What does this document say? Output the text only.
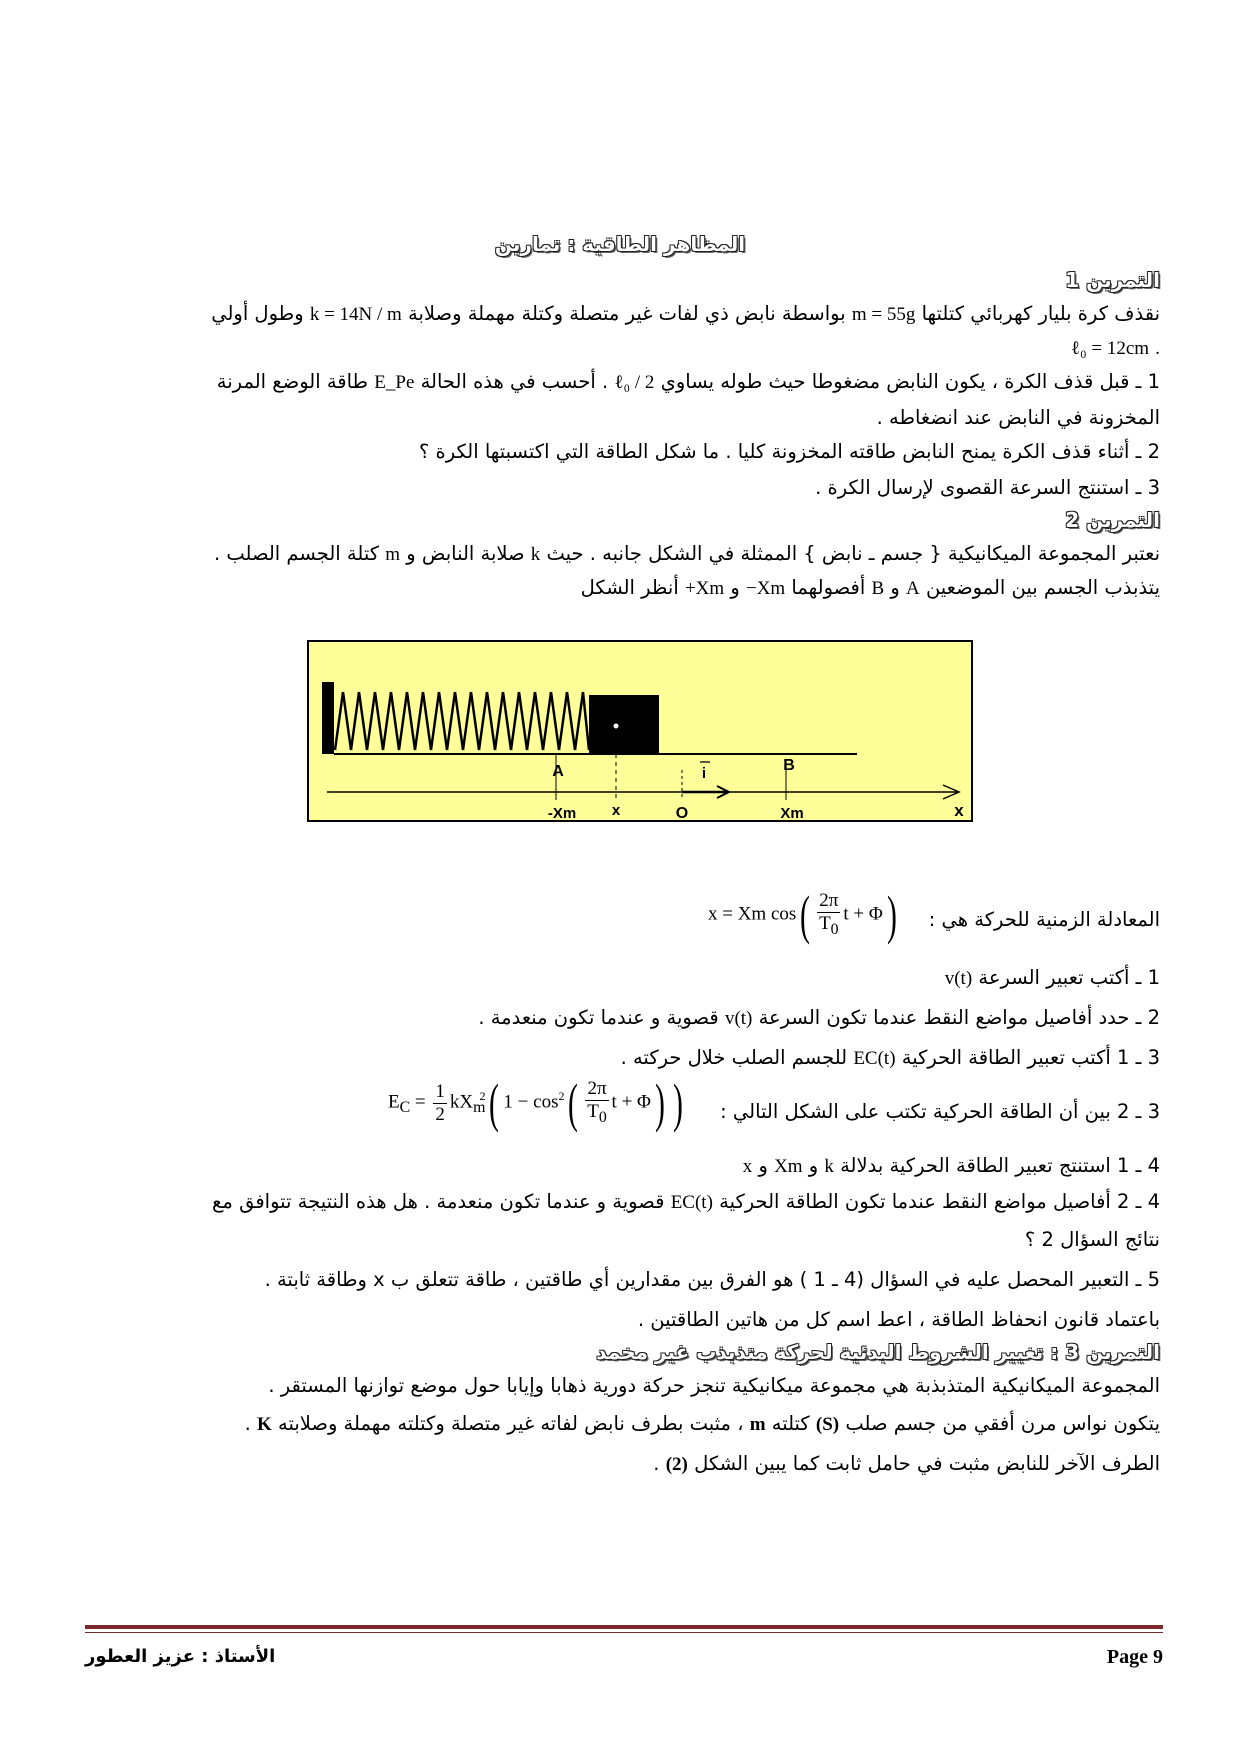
المظاهر الطاقية : تمارين
التمرين 1
نقذف كرة بليار كهربائي كتلتها m = 55g بواسطة نابض ذي لفات غير متصلة وكتلة مهملة وصلابة k = 14N / m وطول أولي
. ℓ₀ = 12cm
1 ـ قبل قذف الكرة ، يكون النابض مضغوطا حيث طوله يساوي ℓ₀ / 2 . أحسب في هذه الحالة E_Pe طاقة الوضع المرنة
المخزونة في النابض عند انضغاطه .
2 ـ أثناء قذف الكرة يمنح النابض طاقته المخزونة كليا . ما شكل الطاقة التي اكتسبتها الكرة ؟
3 ـ استنتج السرعة القصوى لإرسال الكرة .
التمرين 2
نعتبر المجموعة الميكانيكية { جسم ـ نابض } الممثلة في الشكل جانبه . حيث k صلابة النابض و m كتلة الجسم الصلب .
يتذبذب الجسم بين الموضعين A و B أفصولهما −Xm و +Xm أنظر الشكل
A	B
i
-Xm x	O	Xm	x
المعادلة الزمنية للحركة هي :
x = Xm $\cos( \frac{2\pi}{T_0}$ t + Φ)
1 ـ أكتب تعبير السرعة v(t)
2 ـ حدد أفاصيل مواضع النقط عندما تكون السرعة v(t) قصوية و عندما تكون منعدمة .
3 ـ 1 أكتب تعبير الطاقة الحركية EC(t) للجسم الصلب خلال حركته .
3 ـ 2 بين أن الطاقة الحركية تكتب على الشكل التالي :
$E_C = \frac{1}{2} kX_m^2$( $1 - \cos^2( \frac{2\pi}{T_0}$ t + Φ) )
4 ـ 1 استنتج تعبير الطاقة الحركية بدلالة k و Xm و x
4 ـ 2 أفاصيل مواضع النقط عندما تكون الطاقة الحركية EC(t) قصوية و عندما تكون منعدمة . هل هذه النتيجة تتوافق مع
نتائج السؤال 2 ؟
5 ـ التعبير المحصل عليه في السؤال (4 ـ 1 ) هو الفرق بين مقدارين أي طاقتين ، طاقة تتعلق ب x وطاقة ثابتة .
باعتماد قانون انحفاظ الطاقة ، اعط اسم كل من هاتين الطاقتين .
التمرين 3 : تغيير الشروط البدئية لحركة متذبذب غير مخمد
المجموعة الميكانيكية المتذبذبة هي مجموعة ميكانيكية تنجز حركة دورية ذهابا وإيابا حول موضع توازنها المستقر .
يتكون نواس مرن أفقي من جسم صلب (S) كتلته m ، مثبت بطرف نابض لفاته غير متصلة وكتلته مهملة وصلابته K .
الطرف الآخر للنابض مثبت في حامل ثابت كما يبين الشكل (2) .
الأستاذ : عزيز العطور	Page 9
